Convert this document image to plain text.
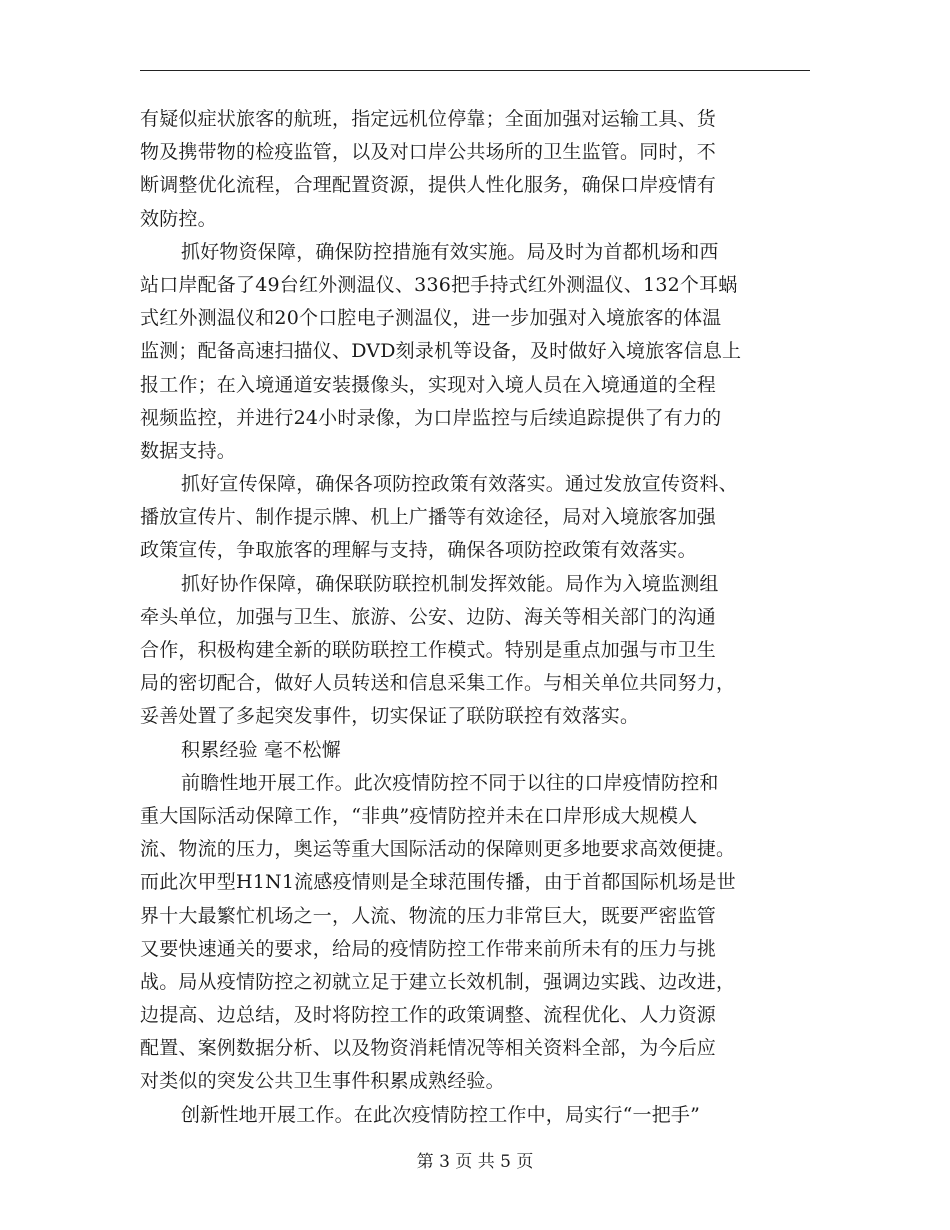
有疑似症状旅客的航班，指定远机位停靠；全面加强对运输工具、货
物及携带物的检疫监管，以及对口岸公共场所的卫生监管。同时，不
断调整优化流程，合理配置资源，提供人性化服务，确保口岸疫情有
效防控。
抓好物资保障，确保防控措施有效实施。局及时为首都机场和西
站口岸配备了49台红外测温仪、336把手持式红外测温仪、132个耳蜗
式红外测温仪和20个口腔电子测温仪，进一步加强对入境旅客的体温
监测；配备高速扫描仪、DVD刻录机等设备，及时做好入境旅客信息上
报工作；在入境通道安装摄像头，实现对入境人员在入境通道的全程
视频监控，并进行24小时录像，为口岸监控与后续追踪提供了有力的
数据支持。
抓好宣传保障，确保各项防控政策有效落实。通过发放宣传资料、
播放宣传片、制作提示牌、机上广播等有效途径，局对入境旅客加强
政策宣传，争取旅客的理解与支持，确保各项防控政策有效落实。
抓好协作保障，确保联防联控机制发挥效能。局作为入境监测组
牵头单位，加强与卫生、旅游、公安、边防、海关等相关部门的沟通
合作，积极构建全新的联防联控工作模式。特别是重点加强与市卫生
局的密切配合，做好人员转送和信息采集工作。与相关单位共同努力，
妥善处置了多起突发事件，切实保证了联防联控有效落实。
积累经验 毫不松懈
前瞻性地开展工作。此次疫情防控不同于以往的口岸疫情防控和
重大国际活动保障工作，“非典”疫情防控并未在口岸形成大规模人
流、物流的压力，奥运等重大国际活动的保障则更多地要求高效便捷。
而此次甲型H1N1流感疫情则是全球范围传播，由于首都国际机场是世
界十大最繁忙机场之一，人流、物流的压力非常巨大，既要严密监管
又要快速通关的要求，给局的疫情防控工作带来前所未有的压力与挑
战。局从疫情防控之初就立足于建立长效机制，强调边实践、边改进，
边提高、边总结，及时将防控工作的政策调整、流程优化、人力资源
配置、案例数据分析、以及物资消耗情况等相关资料全部，为今后应
对类似的突发公共卫生事件积累成熟经验。
创新性地开展工作。在此次疫情防控工作中，局实行“一把手”
第 3 页 共 5 页
